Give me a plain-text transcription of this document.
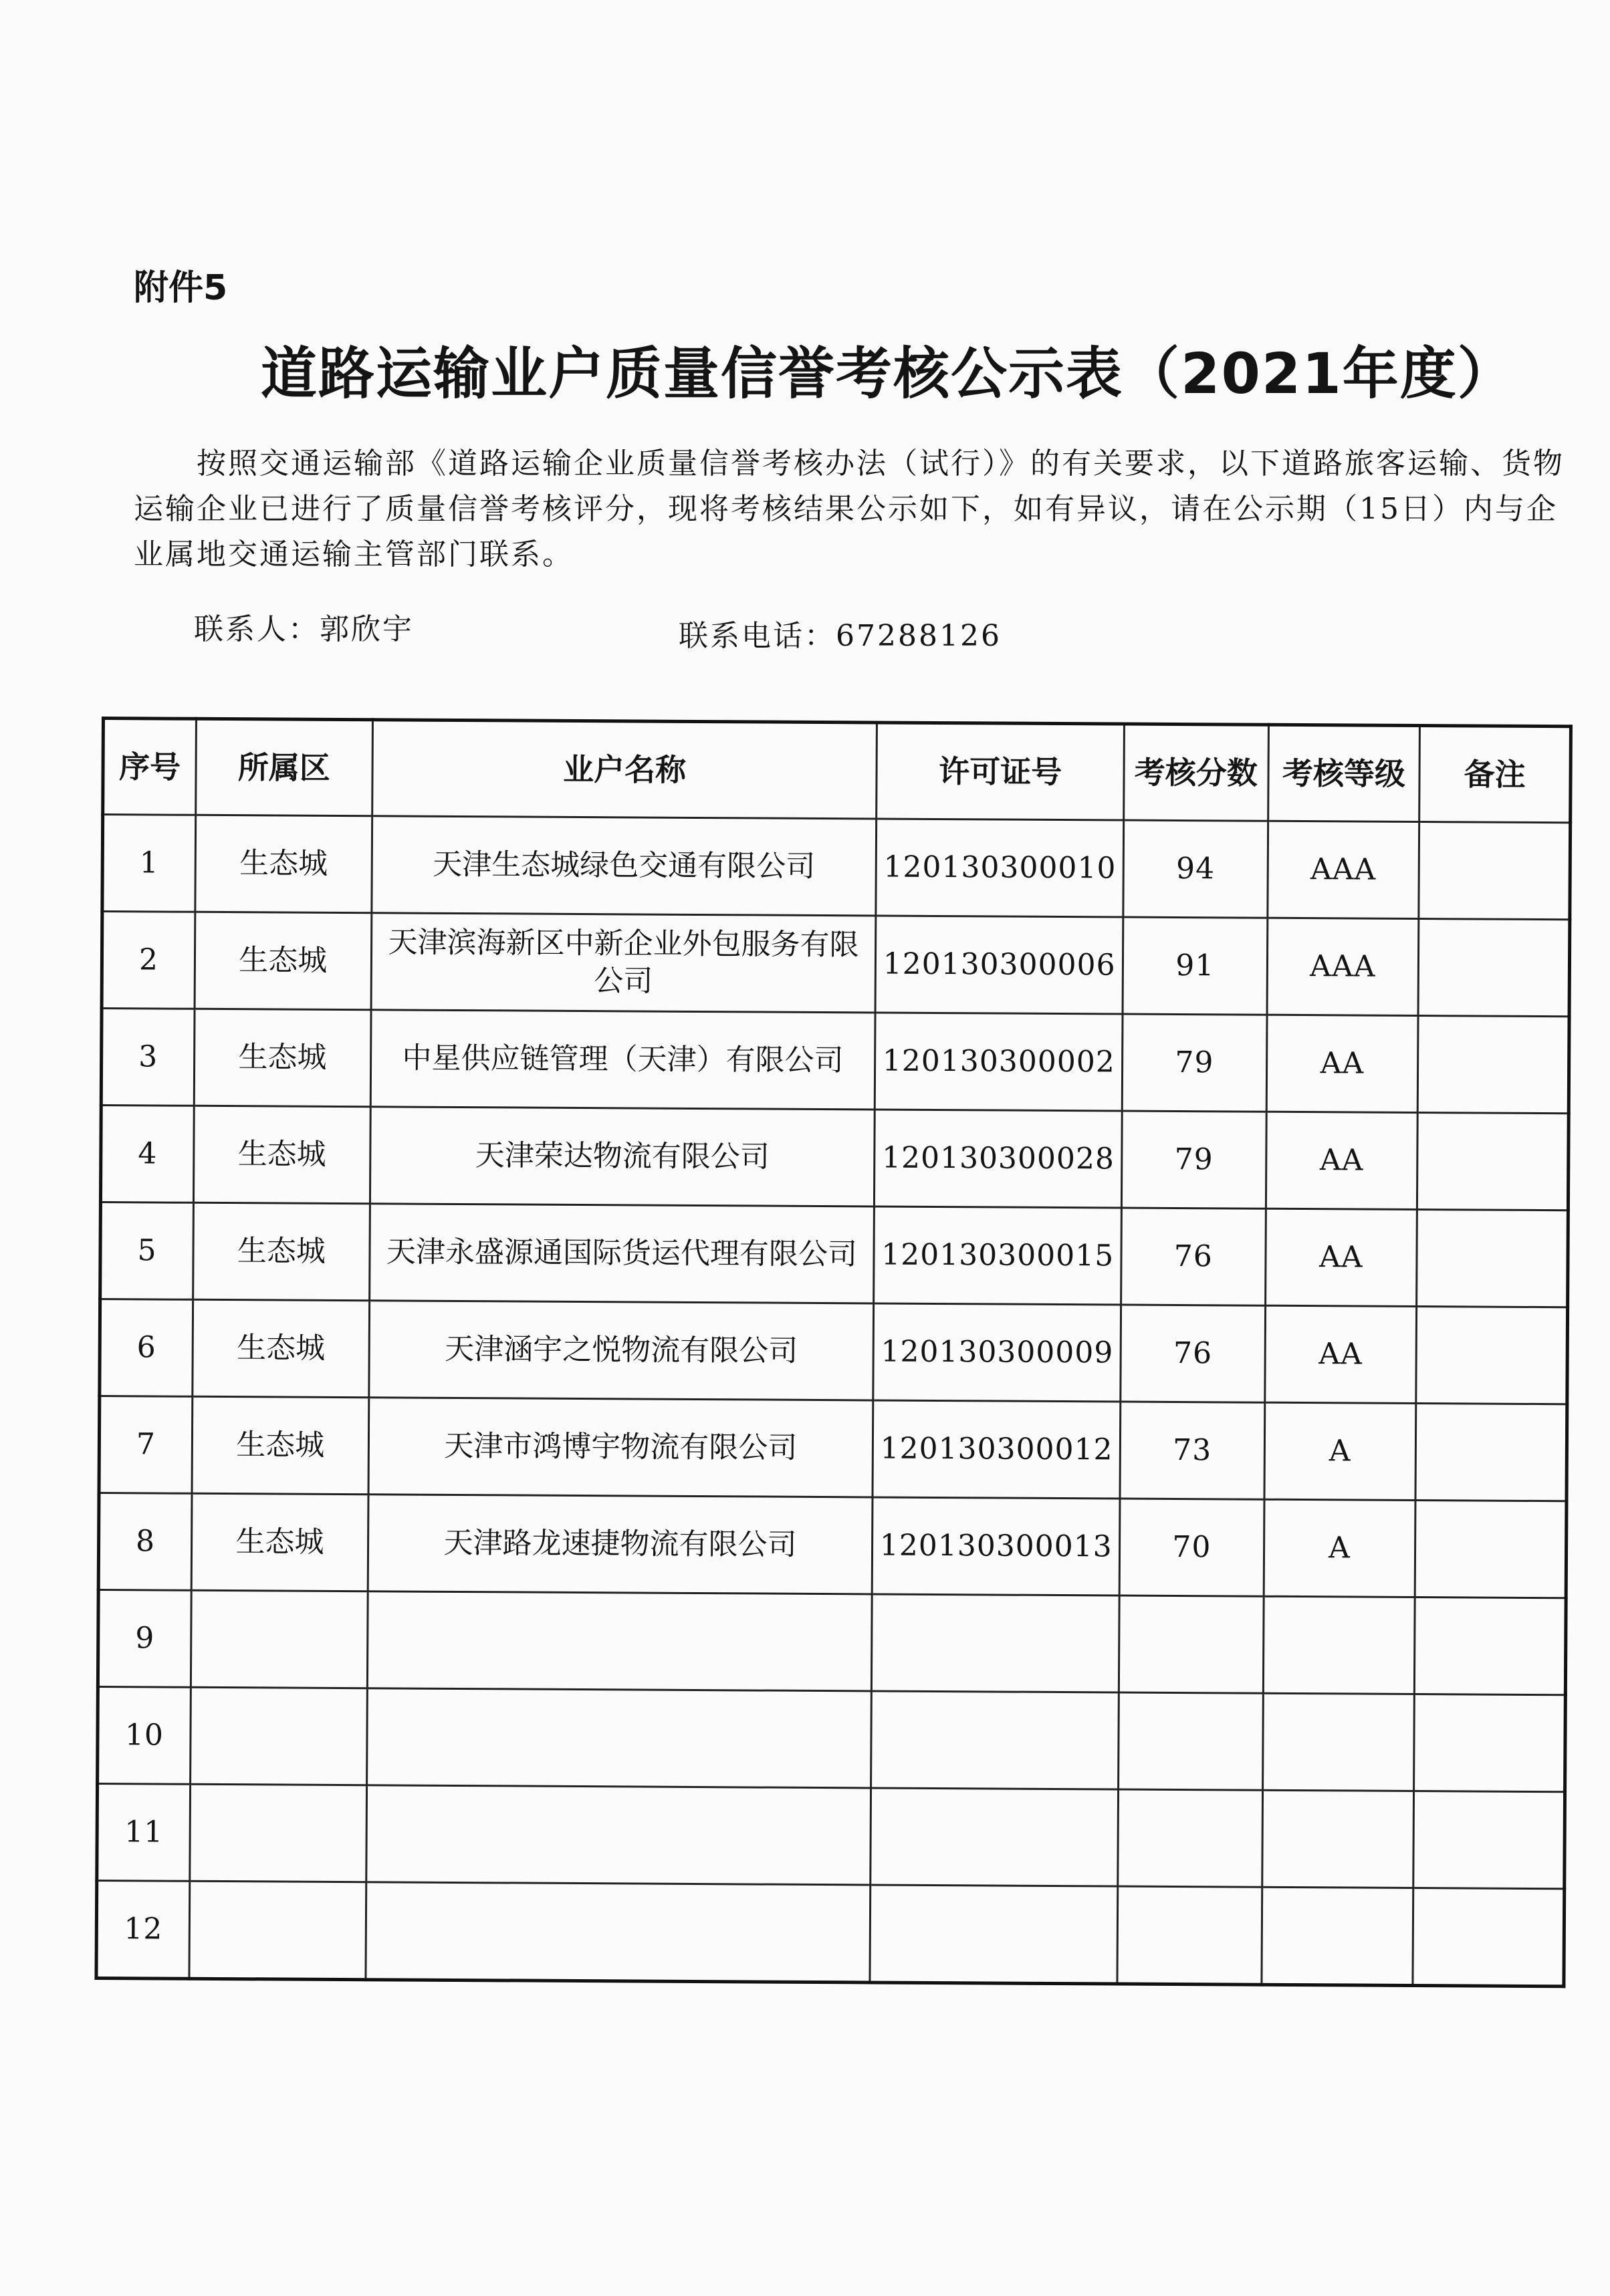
附件5
道路运输业户质量信誉考核公示表（2021年度）
按照交通运输部《道路运输企业质量信誉考核办法（试行）》的有关要求，以下道路旅客运输、货物运输企业已进行了质量信誉考核评分，现将考核结果公示如下，如有异议，请在公示期（15日）内与企业属地交通运输主管部门联系。
联系人：郭欣宇	联系电话：67288126
序号	所属区	业户名称	许可证号	考核分数	考核等级	备注
1	生态城	天津生态城绿色交通有限公司	120130300010	94	AAA	
2	生态城	天津滨海新区中新企业外包服务有限公司	120130300006	91	AAA	
3	生态城	中星供应链管理（天津）有限公司	120130300002	79	AA	
4	生态城	天津荣达物流有限公司	120130300028	79	AA	
5	生态城	天津永盛源通国际货运代理有限公司	120130300015	76	AA	
6	生态城	天津涵宇之悦物流有限公司	120130300009	76	AA	
7	生态城	天津市鸿博宇物流有限公司	120130300012	73	A	
8	生态城	天津路龙速捷物流有限公司	120130300013	70	A	
9						
10						
11						
12						
